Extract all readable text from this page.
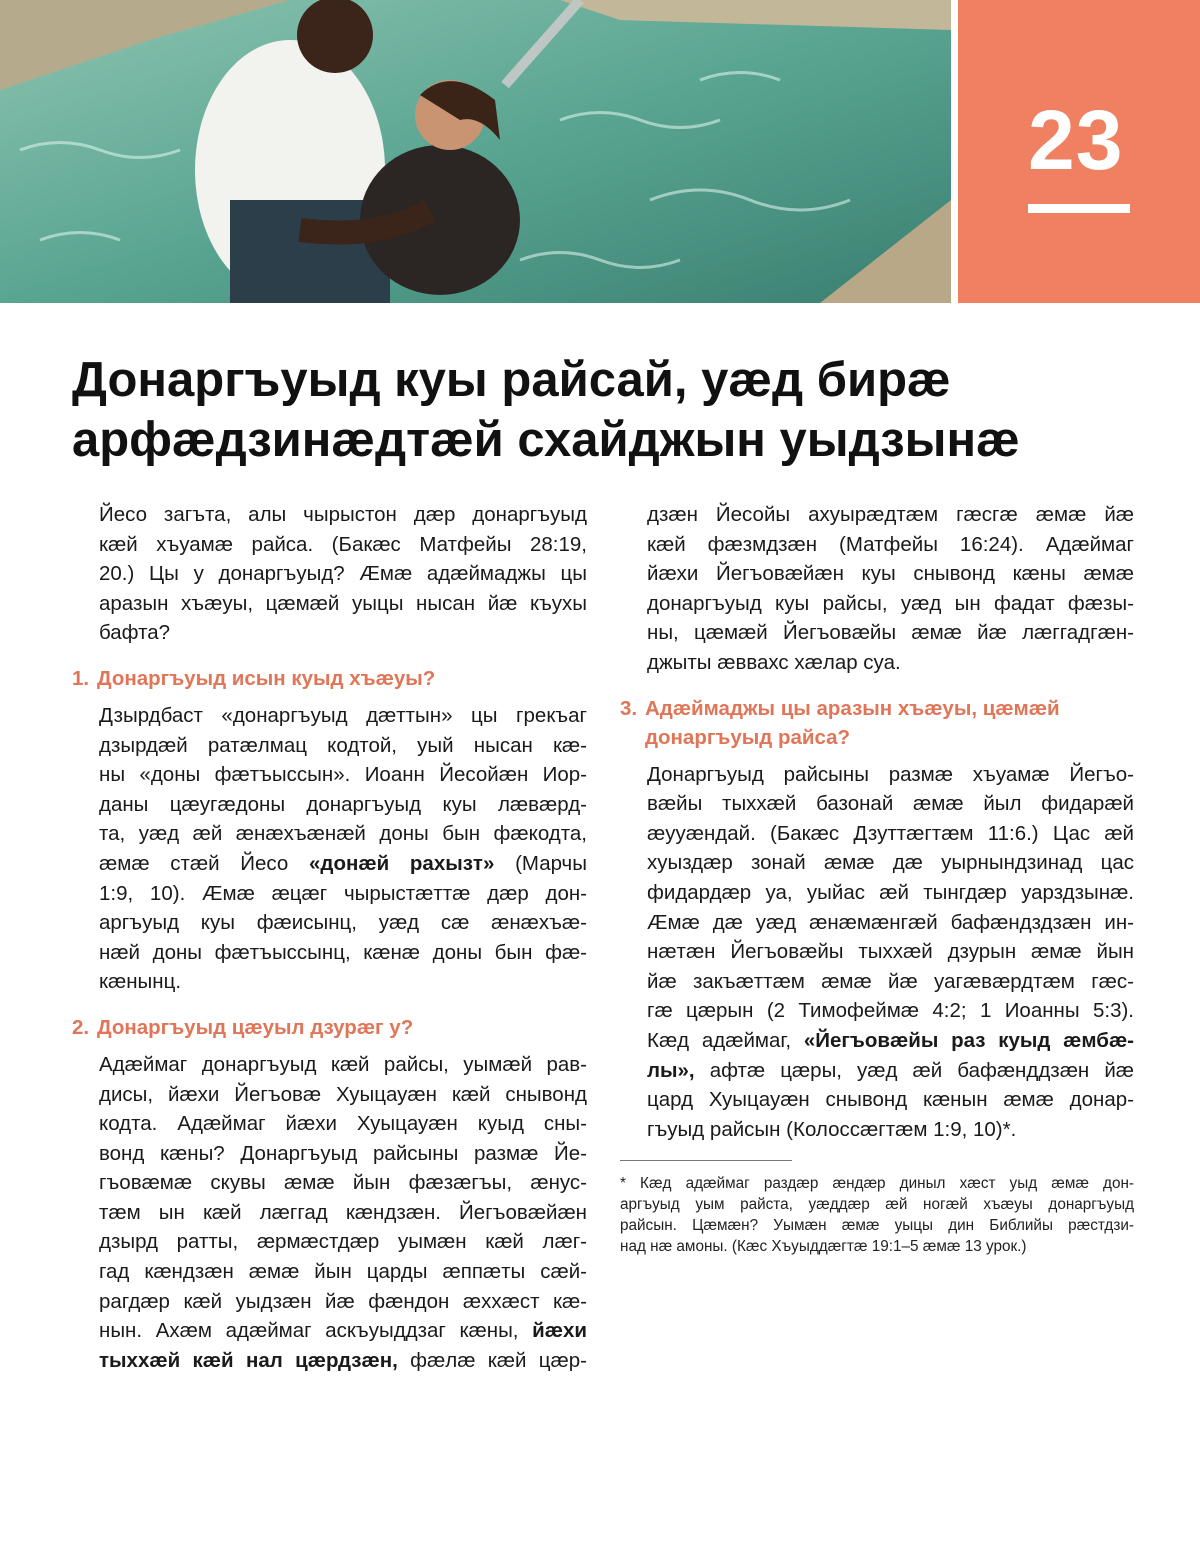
23
Донаргъуыд куы райсай, уæд бирæ
арфæдзинæдтæй схайджын уыдзынæ
Йесо загъта, алы чырыстон дæр донаргъуыд
кæй хъуамæ райса. (Бакæс Матфейы 28:19,
20.) Цы у донаргъуыд? Æмæ адæймаджы цы
аразын хъæуы, цæмæй уыцы нысан йæ къухы
бафта?
1. Донаргъуыд исын куыд хъæуы?
Дзырдбаст «донаргъуыд дæттын» цы грекъаг
дзырдæй ратæлмац кодтой, уый нысан кæ-
ны «доны фæтъыссын». Иоанн Йесойæн Иор-
даны цæугæдоны донаргъуыд куы лæвæрд-
та, уæд æй æнæхъæнæй доны бын фæкодта,
æмæ стæй Йесо «донæй рахызт» (Марчы
1:9, 10). Æмæ æцæг чырыстæттæ дæр дон-
аргъуыд куы фæисынц, уæд сæ æнæхъæ-
нæй доны фæтъыссынц, кæнæ доны бын фæ-
кæнынц.
2. Донаргъуыд цæуыл дзурæг у?
Адæймаг донаргъуыд кæй райсы, уымæй рав-
дисы, йæхи Йегъовæ Хуыцауæн кæй снывонд
кодта. Адæймаг йæхи Хуыцауæн куыд сны-
вонд кæны? Донаргъуыд райсыны размæ Йе-
гъовæмæ скувы æмæ йын фæзæгъы, æнус-
тæм ын кæй лæггад кæндзæн. Йегъовæйæн
дзырд ратты, æрмæстдæр уымæн кæй лæг-
гад кæндзæн æмæ йын царды æппæты сæй-
рагдæр кæй уыдзæн йæ фæндон æххæст кæ-
нын. Ахæм адæймаг аскъуыддзаг кæны, йæхи
тыххæй кæй нал цæрдзæн, фæлæ кæй цæр-
дзæн Йесойы ахуырæдтæм гæсгæ æмæ йæ
кæй фæзмдзæн (Матфейы 16:24). Адæймаг
йæхи Йегъовæйæн куы снывонд кæны æмæ
донаргъуыд куы райсы, уæд ын фадат фæзы-
ны, цæмæй Йегъовæйы æмæ йæ лæггадгæн-
джыты æввахс хæлар суа.
3. Адæймаджы цы аразын хъæуы, цæмæй
донаргъуыд райса?
Донаргъуыд райсыны размæ хъуамæ Йегъо-
вæйы тыххæй базонай æмæ йыл фидарæй
æууæндай. (Бакæс Дзуттæгтæм 11:6.) Цас æй
хуыздæр зонай æмæ дæ уырнындзинад цас
фидардæр уа, уыйас æй тынгдæр уарздзынæ.
Æмæ дæ уæд æнæмæнгæй бафæндздзæн ин-
нæтæн Йегъовæйы тыххæй дзурын æмæ йын
йæ закъæттæм æмæ йæ уагæвæрдтæм гæс-
гæ цæрын (2 Тимофеймæ 4:2; 1 Иоанны 5:3).
Кæд адæймаг, «Йегъовæйы раз куыд æмбæ-
лы», афтæ цæры, уæд æй бафæнддзæн йæ
цард Хуыцауæн снывонд кæнын æмæ донар-
гъуыд райсын (Колоссæгтæм 1:9, 10)*.
* Кæд адæймаг раздæр æндæр диныл хæст уыд æмæ дон-
аргъуыд уым райста, уæддæр æй ногæй хъæуы донаргъуыд
райсын. Цæмæн? Уымæн æмæ уыцы дин Библийы рæстдзи-
над нæ амоны. (Кæс Хъуыддæгтæ 19:1–5 æмæ 13 урок.)
